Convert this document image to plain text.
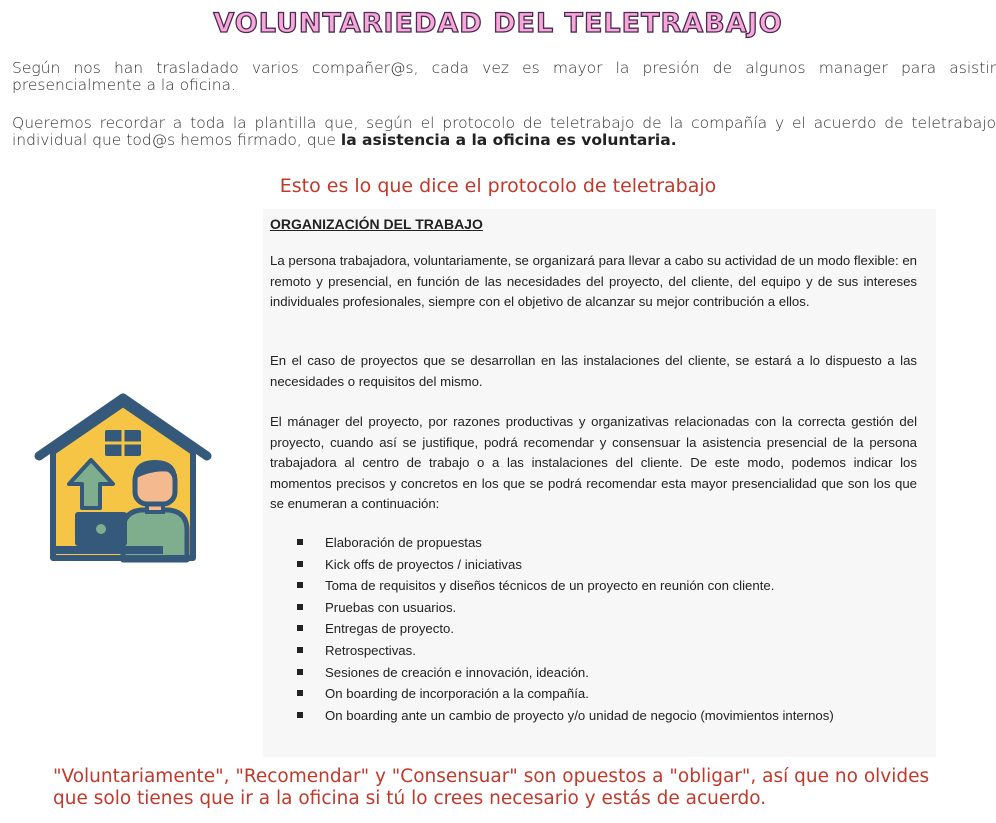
VOLUNTARIEDAD DEL TELETRABAJO

Según nos han trasladado varios compañer@s, cada vez es mayor la presión de algunos manager para asistir presencialmente a la oficina.

Queremos recordar a toda la plantilla que, según el protocolo de teletrabajo de la compañía y el acuerdo de teletrabajo individual que tod@s hemos firmado, que la asistencia a la oficina es voluntaria.

Esto es lo que dice el protocolo de teletrabajo
ORGANIZACIÓN DEL TRABAJO
La persona trabajadora, voluntariamente, se organizará para llevar a cabo su actividad de un modo flexible: en remoto y presencial, en función de las necesidades del proyecto, del cliente, del equipo y de sus intereses individuales profesionales, siempre con el objetivo de alcanzar su mejor contribución a ellos.
En el caso de proyectos que se desarrollan en las instalaciones del cliente, se estará a lo dispuesto a las necesidades o requisitos del mismo.
El mánager del proyecto, por razones productivas y organizativas relacionadas con la correcta gestión del proyecto, cuando así se justifique, podrá recomendar y consensuar la asistencia presencial de la persona trabajadora al centro de trabajo o a las instalaciones del cliente. De este modo, podemos indicar los momentos precisos y concretos en los que se podrá recomendar esta mayor presencialidad que son los que se enumeran a continuación:
Elaboración de propuestas
Kick offs de proyectos / iniciativas
Toma de requisitos y diseños técnicos de un proyecto en reunión con cliente.
Pruebas con usuarios.
Entregas de proyecto.
Retrospectivas.
Sesiones de creación e innovación, ideación.
On boarding de incorporación a la compañía.
On boarding ante un cambio de proyecto y/o unidad de negocio (movimientos internos)
"Voluntariamente", "Recomendar" y "Consensuar" son opuestos a "obligar", así que no olvides que solo tienes que ir a la oficina si tú lo crees necesario y estás de acuerdo.
